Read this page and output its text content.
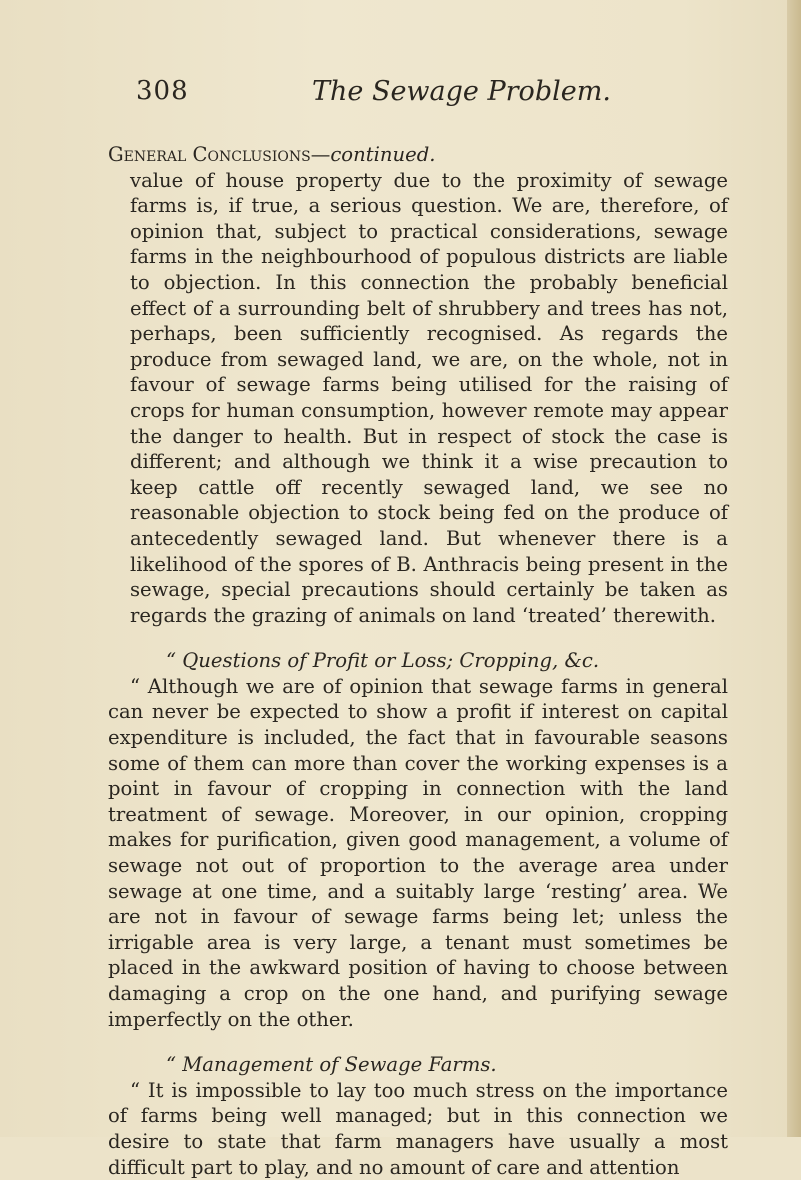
308	The Sewage Problem.

General Conclusions—continued.

value of house property due to the proximity of sewage farms is, if true, a serious question. We are, therefore, of opinion that, subject to practical considerations, sewage farms in the neighbourhood of populous districts are liable to objection. In this connection the probably beneficial effect of a surrounding belt of shrubbery and trees has not, perhaps, been sufficiently recognised. As regards the produce from sewaged land, we are, on the whole, not in favour of sewage farms being utilised for the raising of crops for human consumption, however remote may appear the danger to health. But in respect of stock the case is different; and although we think it a wise precaution to keep cattle off recently sewaged land, we see no reasonable objection to stock being fed on the produce of antecedently sewaged land. But whenever there is a likelihood of the spores of B. Anthracis being present in the sewage, special precautions should certainly be taken as regards the grazing of animals on land ‘treated’ therewith.

“ Questions of Profit or Loss; Cropping, &c.

“ Although we are of opinion that sewage farms in general can never be expected to show a profit if interest on capital expenditure is included, the fact that in favourable seasons some of them can more than cover the working expenses is a point in favour of cropping in connection with the land treatment of sewage. Moreover, in our opinion, cropping makes for purification, given good management, a volume of sewage not out of proportion to the average area under sewage at one time, and a suitably large ‘resting’ area. We are not in favour of sewage farms being let; unless the irrigable area is very large, a tenant must sometimes be placed in the awkward position of having to choose between damaging a crop on the one hand, and purifying sewage imperfectly on the other.

“ Management of Sewage Farms.

“ It is impossible to lay too much stress on the importance of farms being well managed; but in this connection we desire to state that farm managers have usually a most difficult part to play, and no amount of care and attention
